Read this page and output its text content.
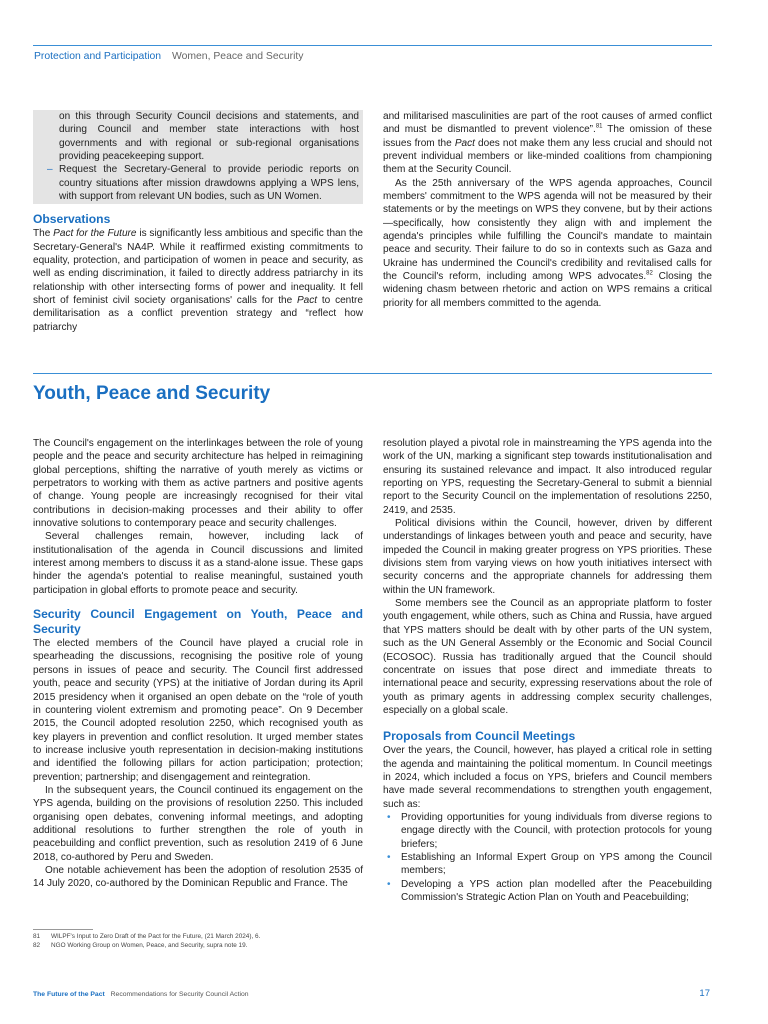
Protection and Participation Women, Peace and Security

on this through Security Council decisions and statements, and during Council and member state interactions with host governments and with regional or sub-regional organisations providing peacekeeping support.

– Request the Secretary-General to provide periodic reports on country situations after mission drawdowns applying a WPS lens, with support from relevant UN bodies, such as UN Women.
Observations

The Pact for the Future is significantly less ambitious and specific than the Secretary-General's NA4P. While it reaffirmed existing commitments to equality, protection, and participation of women in peace and security, as well as ending discrimination, it failed to directly address patriarchy in its relationship with other intersecting forms of power and inequality. It fell short of feminist civil society organisations' calls for the Pact to centre demilitarisation as a conflict prevention strategy and “reflect how patriarchy

and militarised masculinities are part of the root causes of armed conflict and must be dismantled to prevent violence”.$^{81}$ The omission of these issues from the Pact does not make them any less crucial and should not prevent individual members or like-minded coalitions from championing them at the Security Council.

As the 25th anniversary of the WPS agenda approaches, Council members' commitment to the WPS agenda will not be measured by their statements or by the meetings on WPS they convene, but by their actions—specifically, how consistently they align with and implement the agenda's principles while fulfilling the Council's mandate to maintain peace and security. Their failure to do so in contexts such as Gaza and Ukraine has undermined the Council's credibility and revitalised calls for the Council's reform, including among WPS advocates.$^{82}$ Closing the widening chasm between rhetoric and action on WPS remains a critical priority for all members committed to the agenda.

Youth, Peace and Security

The Council's engagement on the interlinkages between the role of young people and the peace and security architecture has helped in reimagining global perceptions, shifting the narrative of youth merely as victims or perpetrators to working with them as active partners and positive agents of change. Young people are increasingly recognised for their vital contributions in decision-making processes and their ability to offer innovative solutions to contemporary peace and security challenges.

Several challenges remain, however, including lack of institutionalisation of the agenda in Council discussions and limited interest among members to discuss it as a stand-alone issue. These gaps hinder the agenda's potential to realise meaningful, sustained youth participation in global efforts to promote peace and security.

Security Council Engagement on Youth, Peace and Security

The elected members of the Council have played a crucial role in spearheading the discussions, recognising the positive role of young persons in issues of peace and security. The Council first addressed youth, peace and security (YPS) at the initiative of Jordan during its April 2015 presidency when it organised an open debate on the “role of youth in countering violent extremism and promoting peace”. On 9 December 2015, the Council adopted resolution 2250, which recognised youth as key players in prevention and conflict resolution. It urged member states to increase inclusive youth representation in decision-making institutions and identified the following pillars for action participation; protection; prevention; partnership; and disengagement and reintegration.

In the subsequent years, the Council continued its engagement on the YPS agenda, building on the provisions of resolution 2250. This included organising open debates, convening informal meetings, and adopting additional resolutions to further strengthen the role of youth in peacebuilding and conflict prevention, such as resolution 2419 of 6 June 2018, co-authored by Peru and Sweden.

One notable achievement has been the adoption of resolution 2535 of 14 July 2020, co-authored by the Dominican Republic and France. The

resolution played a pivotal role in mainstreaming the YPS agenda into the work of the UN, marking a significant step towards institutionalisation and ensuring its sustained relevance and impact. It also introduced regular reporting on YPS, requesting the Secretary-General to submit a biennial report to the Security Council on the implementation of resolutions 2250, 2419, and 2535.

Political divisions within the Council, however, driven by different understandings of linkages between youth and peace and security, have impeded the Council in making greater progress on YPS priorities. These divisions stem from varying views on how youth initiatives intersect with security concerns and the appropriate channels for addressing them within the UN framework.

Some members see the Council as an appropriate platform to foster youth engagement, while others, such as China and Russia, have argued that YPS matters should be dealt with by other parts of the UN system, such as the UN General Assembly or the Economic and Social Council (ECOSOC). Russia has traditionally argued that the Council should concentrate on issues that pose direct and immediate threats to international peace and security, expressing reservations about the role of youth as primary agents in addressing complex security challenges, especially on a global scale.

Proposals from Council Meetings

Over the years, the Council, however, has played a critical role in setting the agenda and maintaining the political momentum. In Council meetings in 2024, which included a focus on YPS, briefers and Council members have made several recommendations to strengthen youth engagement, such as:

•	Providing opportunities for young individuals from diverse regions to engage directly with the Council, with protection protocols for young briefers;
•	Establishing an Informal Expert Group on YPS among the Council members;
•	Developing a YPS action plan modelled after the Peacebuilding Commission's Strategic Action Plan on Youth and Peacebuilding;
81 WILPF's Input to Zero Draft of the Pact for the Future, (21 March 2024), 6.
82 NGO Working Group on Women, Peace, and Security, supra note 19.
The Future of the Pact Recommendations for Security Council Action	17
